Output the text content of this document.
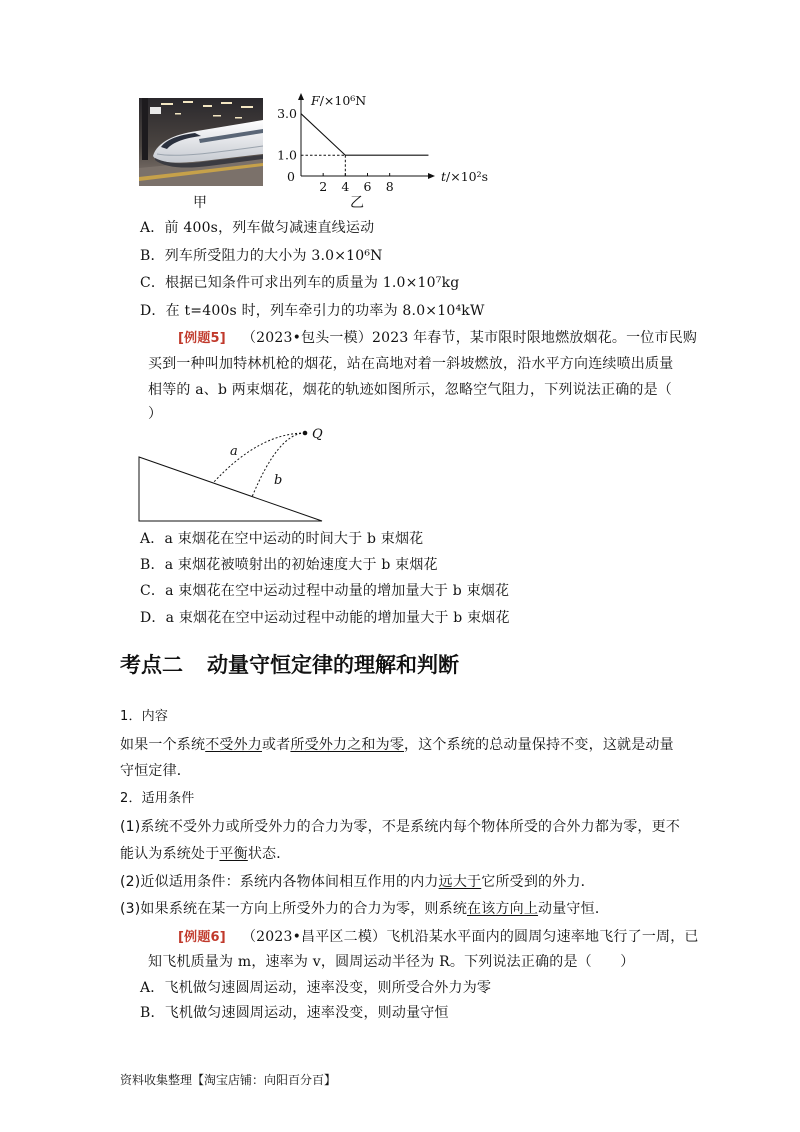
甲
2 4 6 8
1.0
3.0
0
F/×10⁶N
t/×10²s
乙
A．前 400s，列车做匀减速直线运动
B．列车所受阻力的大小为 3.0×10⁶N
C．根据已知条件可求出列车的质量为 1.0×10⁷kg
D．在 t=400s 时，列车牵引力的功率为 8.0×10⁴kW
[例题5] （2023•包头一模）2023 年春节，某市限时限地燃放烟花。一位市民购
买到一种叫加特林机枪的烟花，站在高地对着一斜坡燃放，沿水平方向连续喷出质量
相等的 a、b 两束烟花，烟花的轨迹如图所示，忽略空气阻力，下列说法正确的是（
）
Q
a
b
A．a 束烟花在空中运动的时间大于 b 束烟花
B．a 束烟花被喷射出的初始速度大于 b 束烟花
C．a 束烟花在空中运动过程中动量的增加量大于 b 束烟花
D．a 束烟花在空中运动过程中动能的增加量大于 b 束烟花
考点二 动量守恒定律的理解和判断
1．内容
如果一个系统不受外力或者所受外力之和为零，这个系统的总动量保持不变，这就是动量
守恒定律．
2．适用条件
(1)系统不受外力或所受外力的合力为零，不是系统内每个物体所受的合外力都为零，更不
能认为系统处于平衡状态．
(2)近似适用条件：系统内各物体间相互作用的内力远大于它所受到的外力．
(3)如果系统在某一方向上所受外力的合力为零，则系统在该方向上动量守恒．
[例题6] （2023•昌平区二模）飞机沿某水平面内的圆周匀速率地飞行了一周，已
知飞机质量为 m，速率为 v，圆周运动半径为 R。下列说法正确的是（　　）
A．飞机做匀速圆周运动，速率没变，则所受合外力为零
B．飞机做匀速圆周运动，速率没变，则动量守恒
资料收集整理【淘宝店铺：向阳百分百】
